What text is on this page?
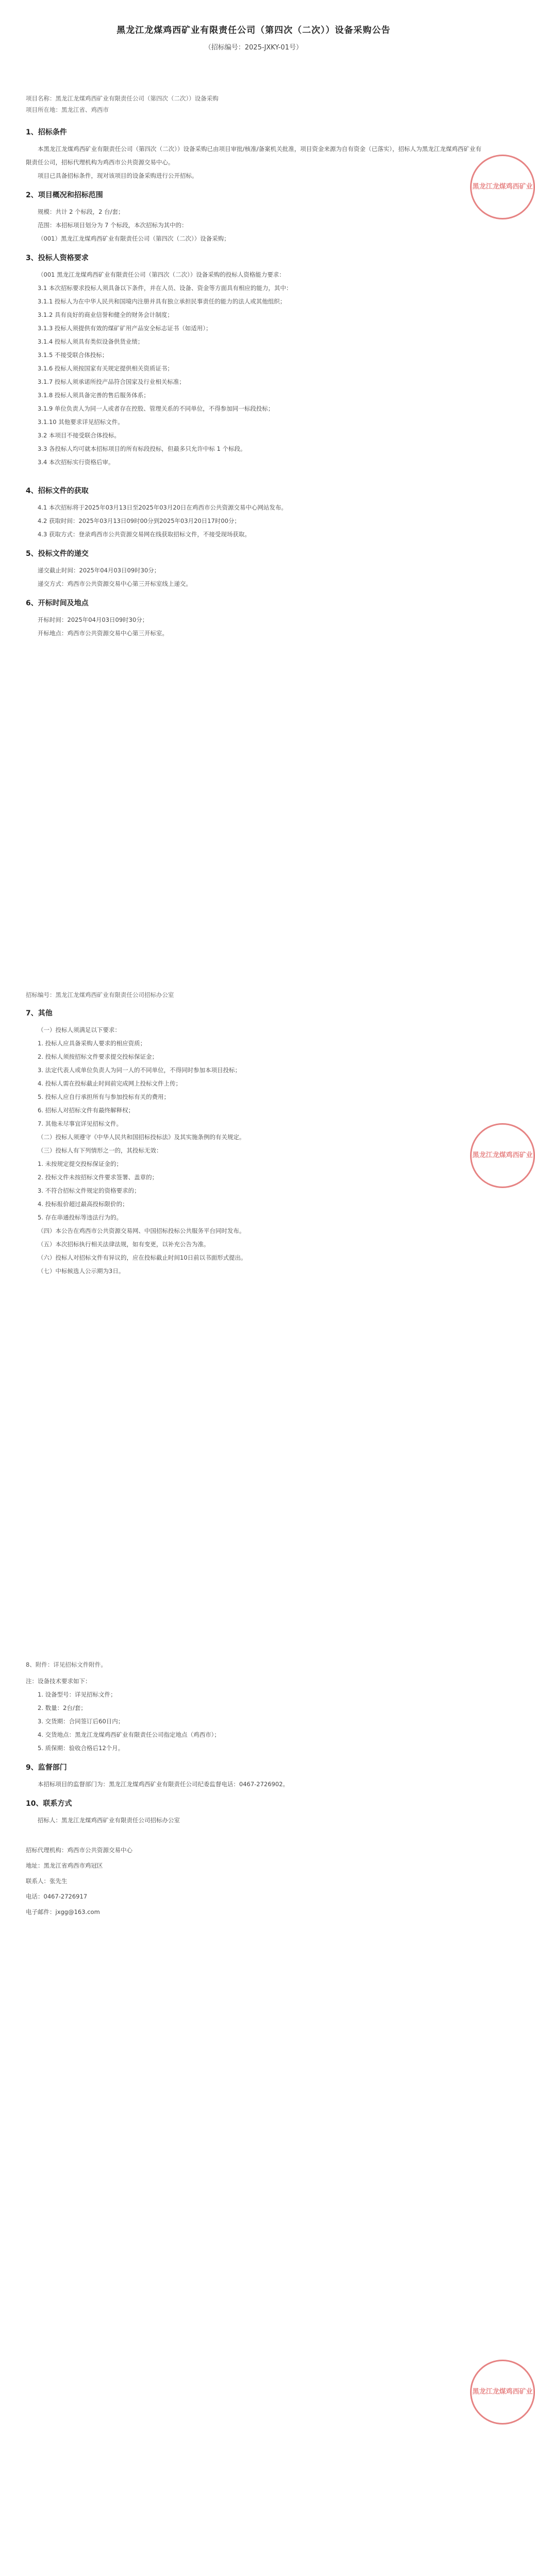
黑龙江龙煤鸡西矿业有限责任公司（第四次（二次））设备采购公告
（招标编号：2025-JXKY-01号）

项目名称：黑龙江龙煤鸡西矿业有限责任公司（第四次（二次））设备采购

项目所在地：黑龙江省、鸡西市

1、招标条件

本黑龙江龙煤鸡西矿业有限责任公司（第四次（二次））设备采购已由项目审批/核准/备案机关批准，项目资金来源为自有资金（已落实），招标人为黑龙江龙煤鸡西矿业有限责任公司，招标代理机构为鸡西市公共资源交易中心。

项目已具备招标条件，现对该项目的设备采购进行公开招标。

2、项目概况和招标范围

规模：共计 2 个标段，2 台/套；

范围：本招标项目划分为 7 个标段，本次招标为其中的：

（001）黑龙江龙煤鸡西矿业有限责任公司（第四次（二次））设备采购；

3、投标人资格要求

（001 黑龙江龙煤鸡西矿业有限责任公司（第四次（二次））设备采购的投标人资格能力要求：

3.1 本次招标要求投标人须具备以下条件，并在人员、设备、资金等方面具有相应的能力，其中：

3.1.1 投标人为在中华人民共和国境内注册并具有独立承担民事责任的能力的法人或其他组织；

3.1.2 具有良好的商业信誉和健全的财务会计制度；

3.1.3 投标人须提供有效的煤矿矿用产品安全标志证书（如适用）；

3.1.4 投标人须具有类似设备供货业绩；

3.1.5 不接受联合体投标；

3.1.6 投标人须按国家有关规定提供相关资质证书；

3.1.7 投标人须承诺所投产品符合国家及行业相关标准；

3.1.8 投标人须具备完善的售后服务体系；

3.1.9 单位负责人为同一人或者存在控股、管理关系的不同单位，不得参加同一标段投标；

3.1.10 其他要求详见招标文件。

3.2 本项目不接受联合体投标。

3.3 各投标人均可就本招标项目的所有标段投标，但最多只允许中标 1 个标段。

3.4 本次招标实行资格后审。

4、招标文件的获取

4.1 本次招标将于2025年03月13日至2025年03月20日在鸡西市公共资源交易中心网站发布。

4.2 获取时间：2025年03月13日09时00分到2025年03月20日17时00分；

4.3 获取方式：登录鸡西市公共资源交易网在线获取招标文件，不接受现场获取。

5、投标文件的递交

递交截止时间：2025年04月03日09时30分；

递交方式：鸡西市公共资源交易中心第三开标室线上递交。

6、开标时间及地点

开标时间：2025年04月03日09时30分；

开标地点：鸡西市公共资源交易中心第三开标室。

黑龙江龙煤鸡西矿业

招标编号：黑龙江龙煤鸡西矿业有限责任公司招标办公室

7、其他

（一）投标人须满足以下要求：

1. 投标人应具备采购人要求的相应资质；

2. 投标人须按招标文件要求提交投标保证金；

3. 法定代表人或单位负责人为同一人的不同单位，不得同时参加本项目投标；

4. 投标人需在投标截止时间前完成网上投标文件上传；

5. 投标人应自行承担所有与参加投标有关的费用；

6. 招标人对招标文件有最终解释权；

7. 其他未尽事宜详见招标文件。

（二）投标人须遵守《中华人民共和国招标投标法》及其实施条例的有关规定。

（三）投标人有下列情形之一的，其投标无效：

1. 未按规定提交投标保证金的；

2. 投标文件未按招标文件要求签署、盖章的；

3. 不符合招标文件规定的资格要求的；

4. 投标报价超过最高投标限价的；

5. 存在串通投标等违法行为的。

（四）本公告在鸡西市公共资源交易网、中国招标投标公共服务平台同时发布。

（五）本次招标执行相关法律法规，如有变更，以补充公告为准。

（六）投标人对招标文件有异议的，应在投标截止时间10日前以书面形式提出。

（七）中标候选人公示期为3日。

黑龙江龙煤鸡西矿业

8、附件：详见招标文件附件。

注：设备技术要求如下：

1. 设备型号：详见招标文件；

2. 数量：2台/套；

3. 交货期：合同签订后60日内；

4. 交货地点：黑龙江龙煤鸡西矿业有限责任公司指定地点（鸡西市）；

5. 质保期：验收合格后12个月。

9、监督部门

本招标项目的监督部门为：黑龙江龙煤鸡西矿业有限责任公司纪委监督电话：0467-2726902。

10、联系方式

招标人：黑龙江龙煤鸡西矿业有限责任公司招标办公室

招标代理机构：鸡西市公共资源交易中心

地址：黑龙江省鸡西市鸡冠区

联系人：张先生

电话：0467-2726917

电子邮件：jxgg@163.com

黑龙江龙煤鸡西矿业
